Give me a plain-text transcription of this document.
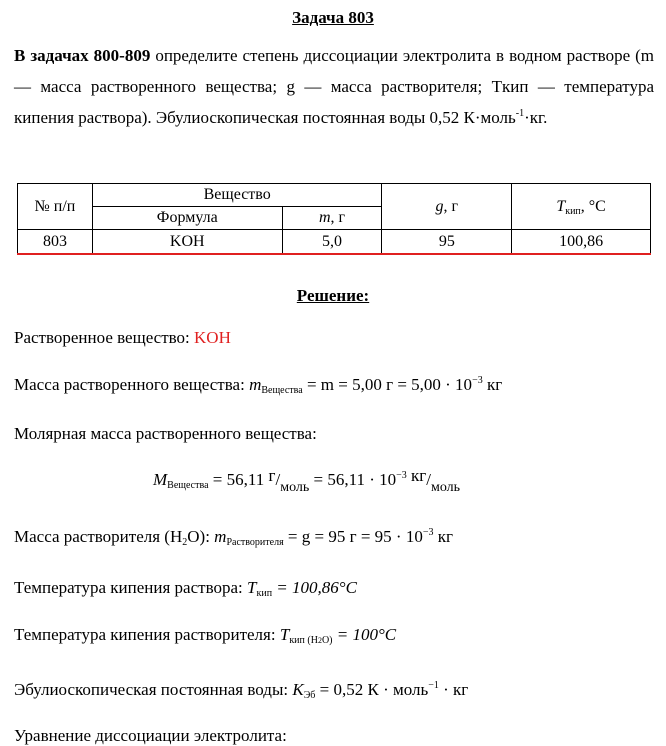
Задача 803
В задачах 800-809 определите степень диссоциации электролита в водном растворе (m — масса растворенного вещества; g — масса растворителя; Tкип — температура кипения раствора). Эбулиоскопическая постоянная воды 0,52 К·моль$^{-1}$·кг.
№ п/п	Вещество		g, г	$T_{кип}$, °С
	Формула	m, г		
803	KOH	5,0	95	100,86
Решение:
Растворенное вещество: KOH
Масса растворенного вещества: $m_{Вещества} = m = 5,00$ $г = 5,00 \cdot 10^{-3}$ кг
Молярная масса растворенного вещества:
$M_{Вещества} = 56,11$ $г/_{моль} = 56,11 \cdot 10^{-3}$ $кг/_{моль}$
Масса растворителя $(H_2O)$: $m_{Растворителя} = g = 95$ $г = 95 \cdot 10^{-3}$ кг
Температура кипения раствора: $T_{кип} = 100,86^\circ C$
Температура кипения растворителя: $T_{кип (H2O)} = 100^\circ C$
Эбулиоскопическая постоянная воды: $K_{Эб} = 0,52$ К · моль$^{-1}$ · кг
Уравнение диссоциации электролита:
